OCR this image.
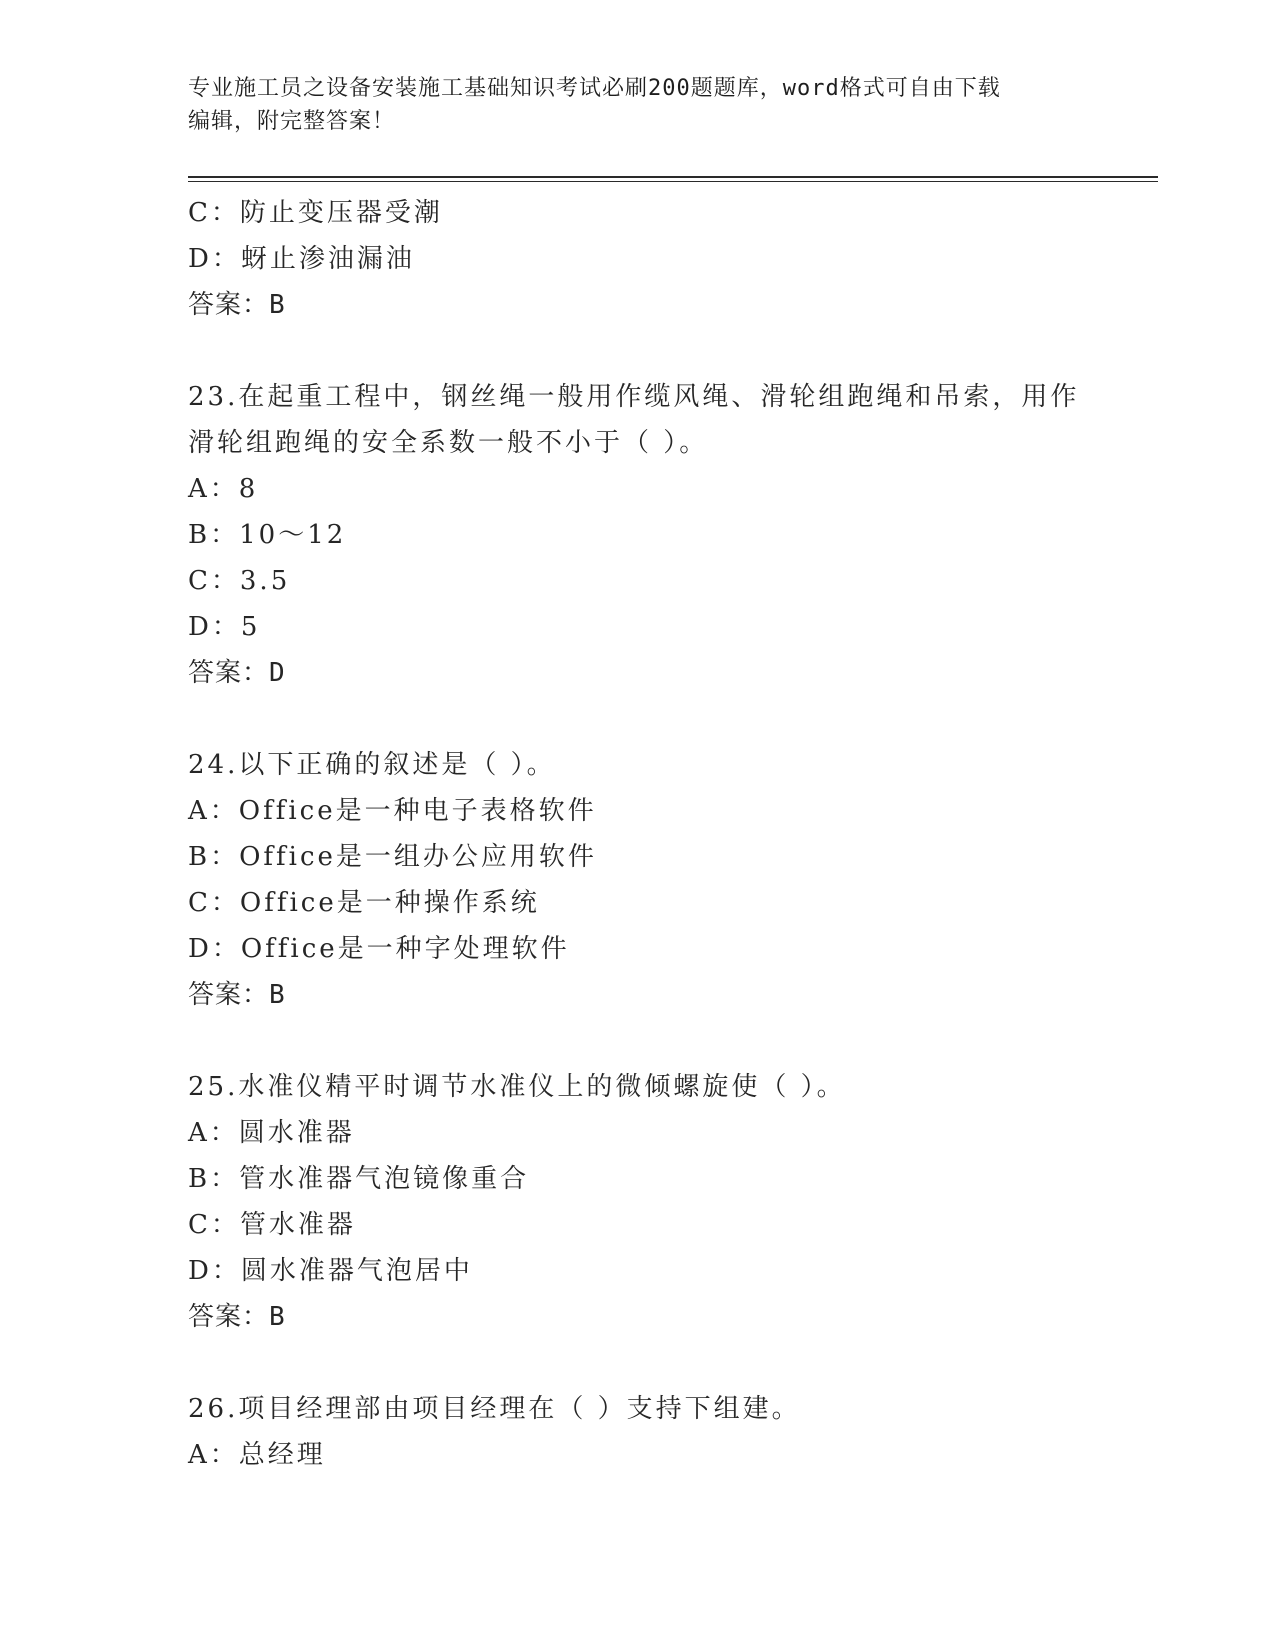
专业施工员之设备安装施工基础知识考试必刷200题题库，word格式可自由下载
编辑，附完整答案！
C：防止变压器受潮
D：蚜止渗油漏油
答案：B
23.在起重工程中，钢丝绳一般用作缆风绳、滑轮组跑绳和吊索，用作
滑轮组跑绳的安全系数一般不小于（ ）。
A：8
B：10～12
C：3.5
D：5
答案：D
24.以下正确的叙述是（ ）。
A：Office是一种电子表格软件
B：Office是一组办公应用软件
C：Office是一种操作系统
D：Office是一种字处理软件
答案：B
25.水准仪精平时调节水准仪上的微倾螺旋使（ ）。
A：圆水准器
B：管水准器气泡镜像重合
C：管水准器
D：圆水准器气泡居中
答案：B
26.项目经理部由项目经理在（ ）支持下组建。
A：总经理
